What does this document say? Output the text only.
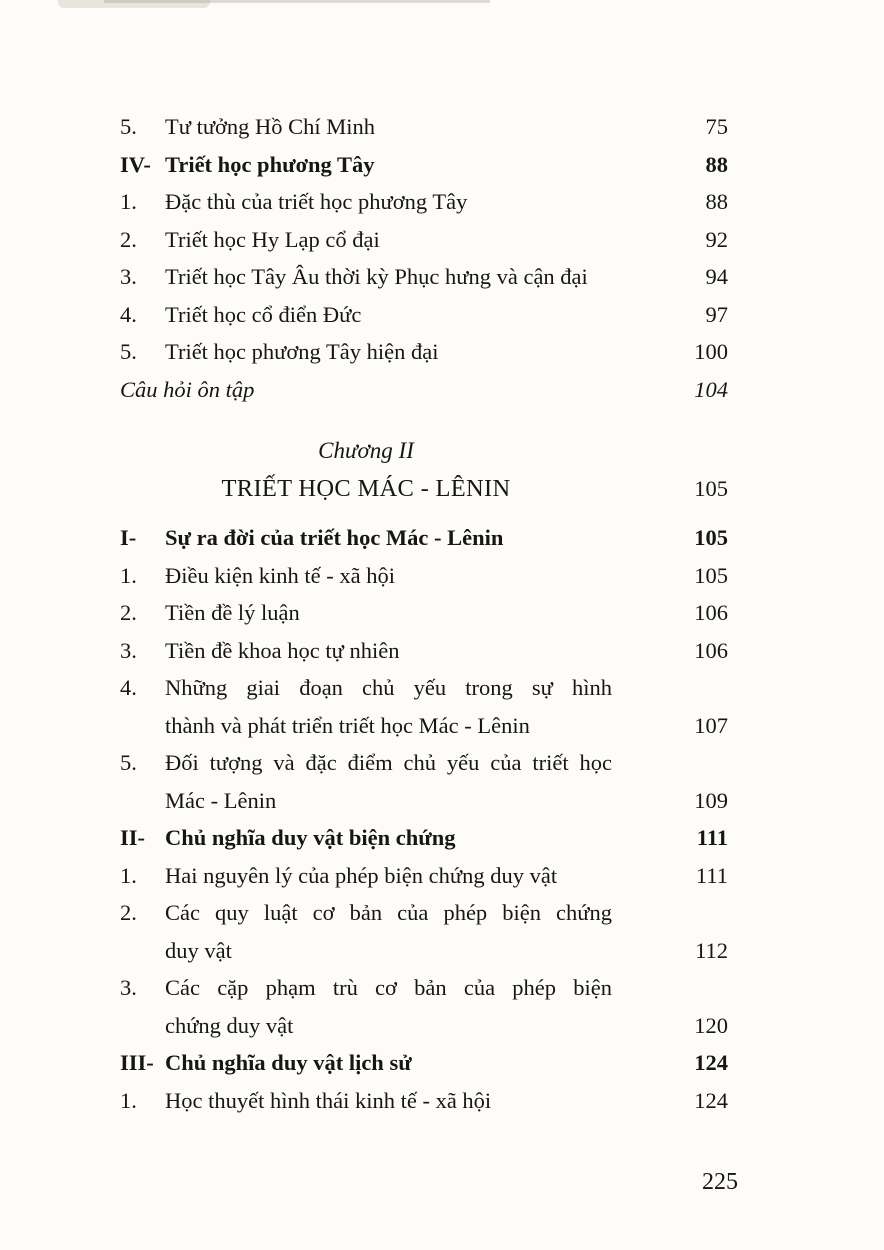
5.	Tư tưởng Hồ Chí Minh	75
IV- Triết học phương Tây	88
1.	Đặc thù của triết học phương Tây	88
2.	Triết học Hy Lạp cổ đại	92
3.	Triết học Tây Âu thời kỳ Phục hưng và cận đại	94
4.	Triết học cổ điển Đức	97
5.	Triết học phương Tây hiện đại	100
Câu hỏi ôn tập	104
Chương II
TRIẾT HỌC MÁC - LÊNIN	105
I-	Sự ra đời của triết học Mác - Lênin	105
1.	Điều kiện kinh tế - xã hội	105
2.	Tiền đề lý luận	106
3.	Tiền đề khoa học tự nhiên	106
4.	Những giai đoạn chủ yếu trong sự hình
thành và phát triển triết học Mác - Lênin	107
5.	Đối tượng và đặc điểm chủ yếu của triết học
Mác - Lênin	109
II- Chủ nghĩa duy vật biện chứng	111
1.	Hai nguyên lý của phép biện chứng duy vật	111
2.	Các quy luật cơ bản của phép biện chứng
duy vật	112
3.	Các cặp phạm trù cơ bản của phép biện
chứng duy vật	120
III- Chủ nghĩa duy vật lịch sử	124
1.	Học thuyết hình thái kinh tế - xã hội	124
225
